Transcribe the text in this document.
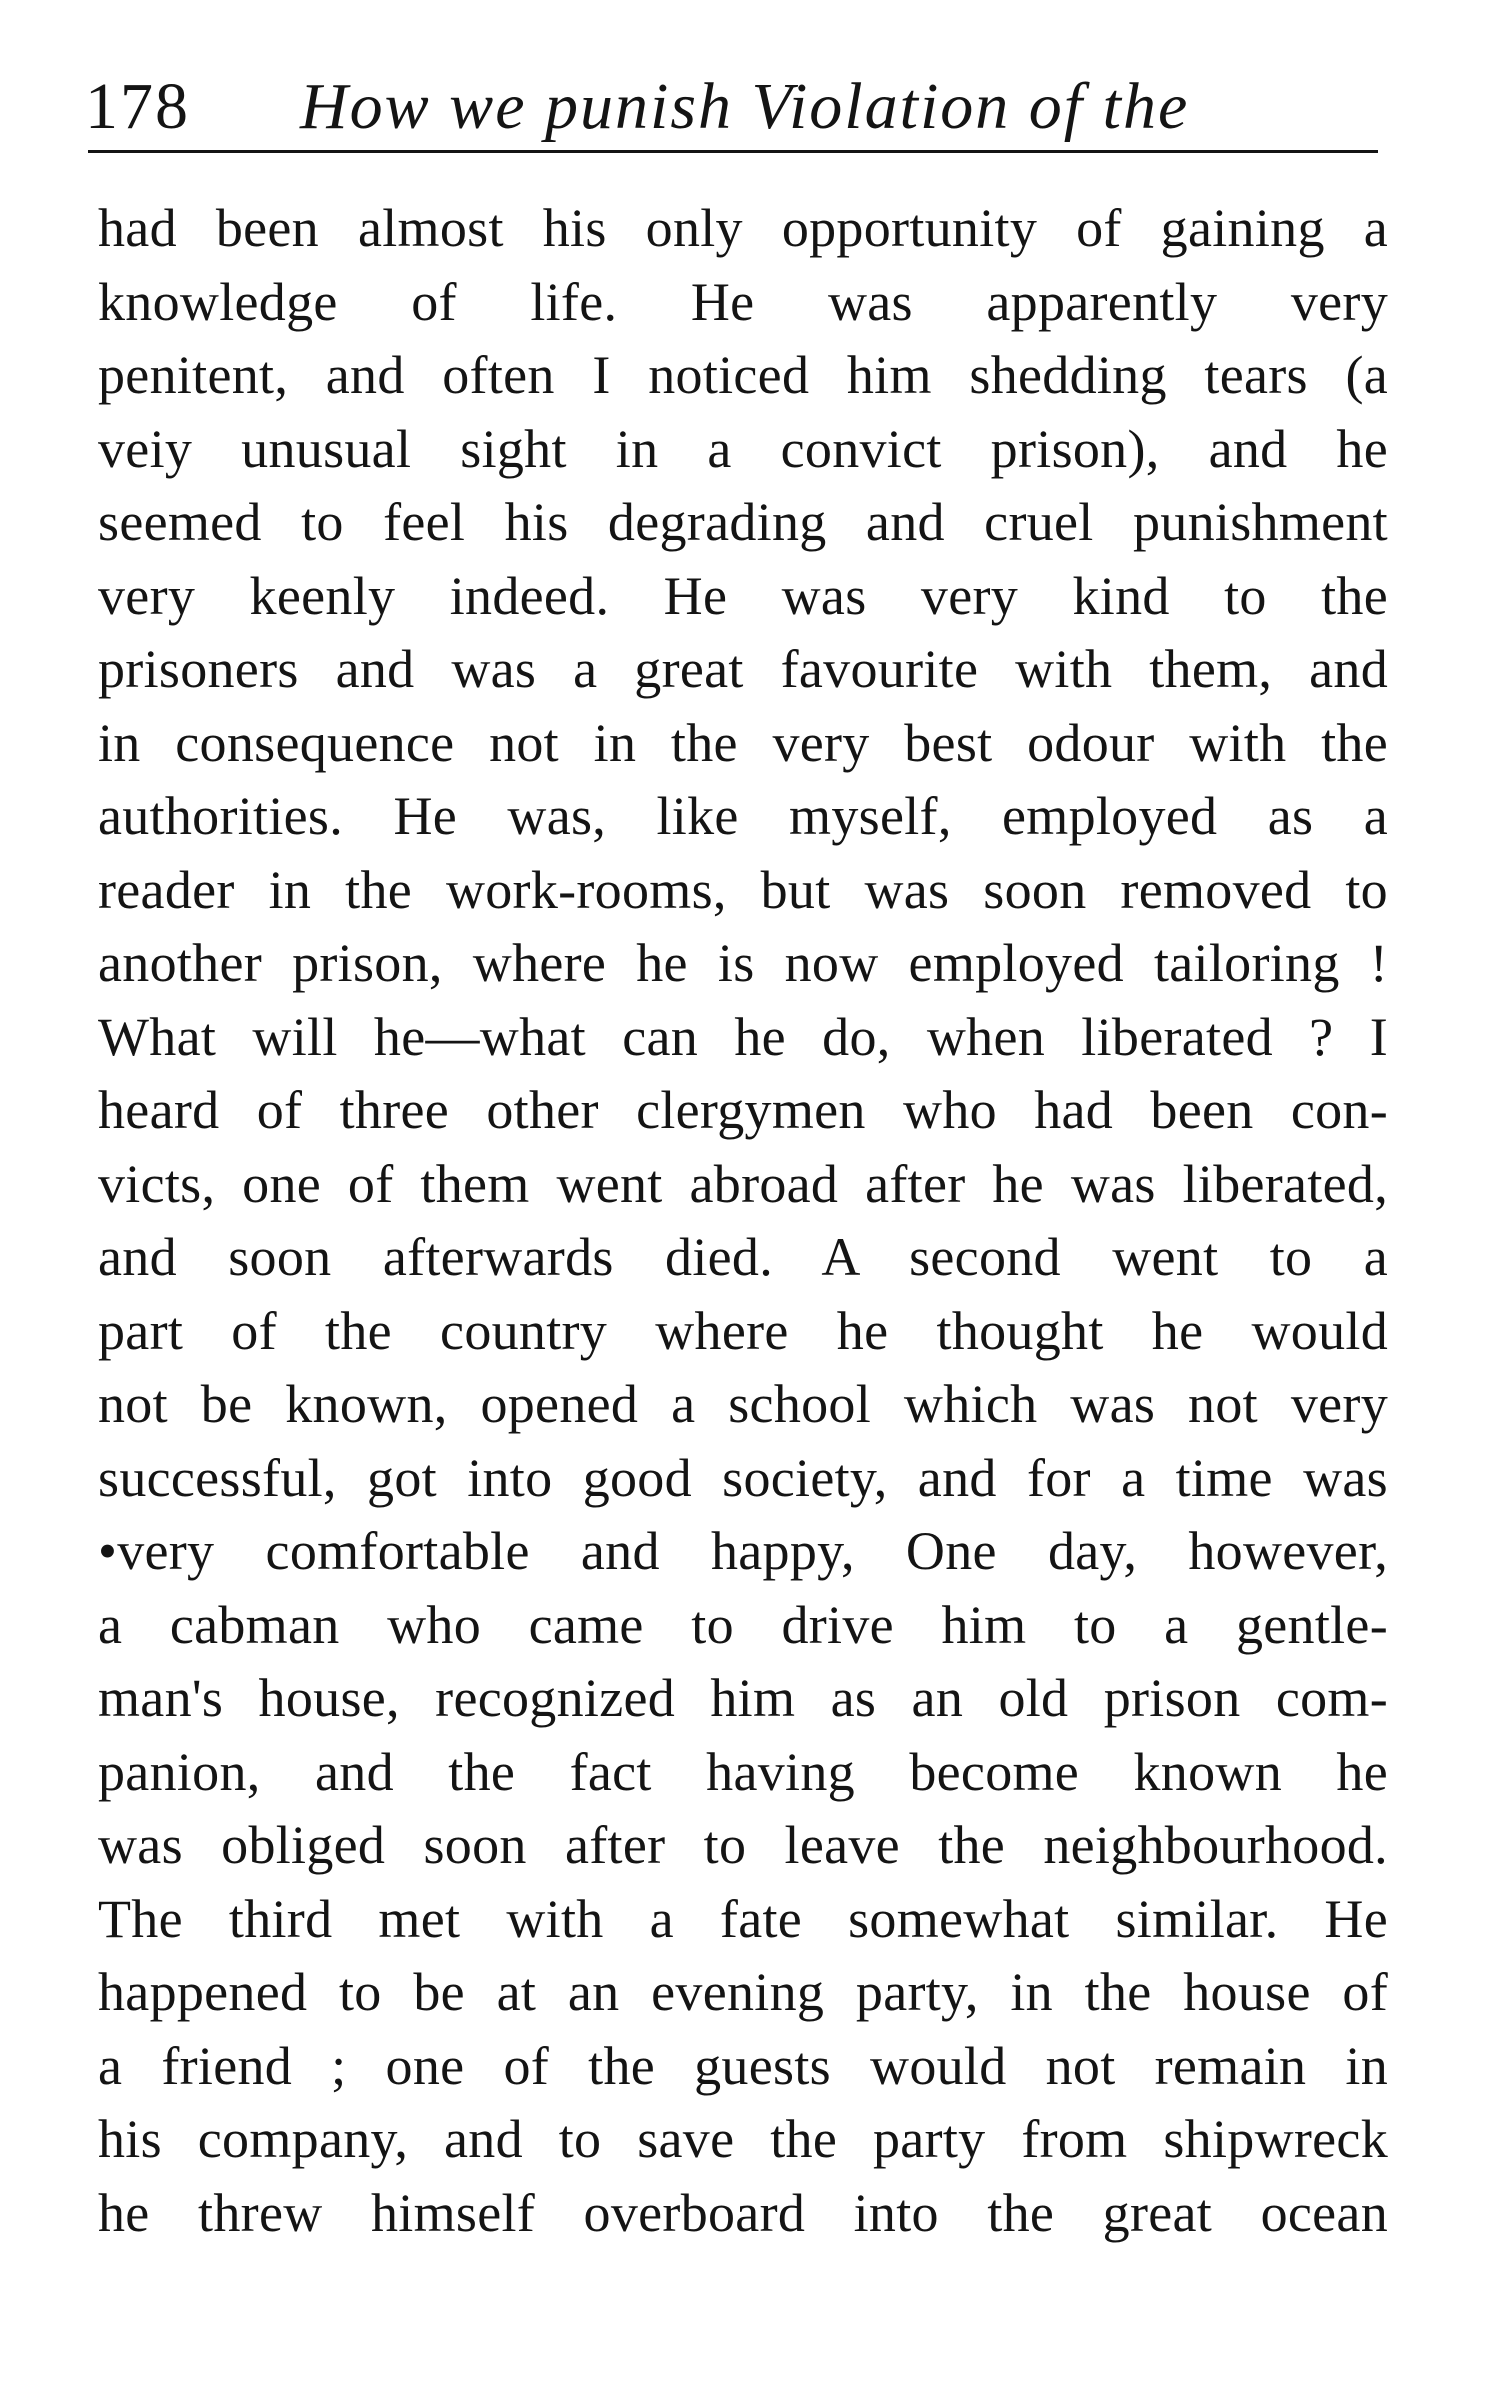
178 How we punish Violation of the
had been almost his only opportunity of gaining a
knowledge of life. He was apparently very
penitent, and often I noticed him shedding tears (a
veiy unusual sight in a convict prison), and he
seemed to feel his degrading and cruel punishment
very keenly indeed. He was very kind to the
prisoners and was a great favourite with them, and
in consequence not in the very best odour with the
authorities. He was, like myself, employed as a
reader in the work-rooms, but was soon removed to
another prison, where he is now employed tailoring !
What will he—what can he do, when liberated ? I
heard of three other clergymen who had been con-
victs, one of them went abroad after he was liberated,
and soon afterwards died. A second went to a
part of the country where he thought he would
not be known, opened a school which was not very
successful, got into good society, and for a time was
•very comfortable and happy, One day, however,
a cabman who came to drive him to a gentle-
man's house, recognized him as an old prison com-
panion, and the fact having become known he
was obliged soon after to leave the neighbourhood.
The third met with a fate somewhat similar. He
happened to be at an evening party, in the house of
a friend ; one of the guests would not remain in
his company, and to save the party from shipwreck
he threw himself overboard into the great ocean
